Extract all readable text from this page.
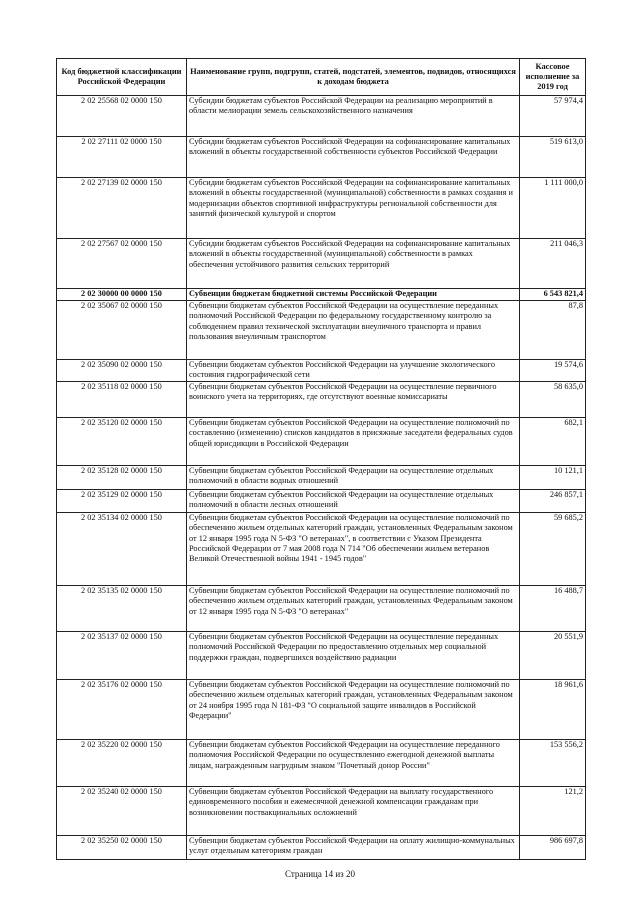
Код бюджетной классификации Российской Федерации	Наименование групп, подгрупп, статей, подстатей, элементов, подвидов, относящихся к доходам бюджета	Кассовое исполнение за 2019 год
2 02 25568 02 0000 150	Субсидии бюджетам субъектов Российской Федерации на реализацию мероприятий в области мелиорации земель сельскохозяйственного назначения	57 974,4
2 02 27111 02 0000 150	Субсидии бюджетам субъектов Российской Федерации на софинансирование капитальных вложений в объекты государственной собственности субъектов Российской Федерации	519 613,0
2 02 27139 02 0000 150	Субсидии бюджетам субъектов Российской Федерации на софинансирование капитальных вложений в объекты государственной (муниципальной) собственности в рамках создания и модернизации объектов спортивной инфраструктуры региональной собственности для занятий физической культурой и спортом	1 111 000,0
2 02 27567 02 0000 150	Субсидии бюджетам субъектов Российской Федерации на софинансирование капитальных вложений в объекты государственной (муниципальной) собственности в рамках обеспечения устойчивого развития сельских территорий	211 046,3
2 02 30000 00 0000 150	Субвенции бюджетам бюджетной системы Российской Федерации	6 543 821,4
2 02 35067 02 0000 150	Субвенции бюджетам субъектов Российской Федерации на осуществление переданных полномочий Российской Федерации по федеральному государственному контролю за соблюдением правил технической эксплуатации внеуличного транспорта и правил пользования внеуличным транспортом	87,8
2 02 35090 02 0000 150	Субвенции бюджетам субъектов Российской Федерации на улучшение экологического состояния гидрографической сети	19 574,6
2 02 35118 02 0000 150	Субвенции бюджетам субъектов Российской Федерации на осуществление первичного воинского учета на территориях, где отсутствуют военные комиссариаты	58 635,0
2 02 35120 02 0000 150	Субвенции бюджетам субъектов Российской Федерации на осуществление полномочий по составлению (изменению) списков кандидатов в присяжные заседатели федеральных судов общей юрисдикции в Российской Федерации	682,1
2 02 35128 02 0000 150	Субвенции бюджетам субъектов Российской Федерации на осуществление отдельных полномочий в области водных отношений	10 121,1
2 02 35129 02 0000 150	Субвенции бюджетам субъектов Российской Федерации на осуществление отдельных полномочий в области лесных отношений	246 857,1
2 02 35134 02 0000 150	Субвенции бюджетам субъектов Российской Федерации на осуществление полномочий по обеспечению жильем отдельных категорий граждан, установленных Федеральным законом от 12 января 1995 года N 5-ФЗ "О ветеранах", в соответствии с Указом Президента Российской Федерации от 7 мая 2008 года N 714 "Об обеспечении жильем ветеранов Великой Отечественной войны 1941 - 1945 годов"	59 685,2
2 02 35135 02 0000 150	Субвенции бюджетам субъектов Российской Федерации на осуществление полномочий по обеспечению жильем отдельных категорий граждан, установленных Федеральным законом от 12 января 1995 года N 5-ФЗ "О ветеранах"	16 488,7
2 02 35137 02 0000 150	Субвенции бюджетам субъектов Российской Федерации на осуществление переданных полномочий Российской Федерации по предоставлению отдельных мер социальной поддержки граждан, подвергшихся воздействию радиации	20 551,9
2 02 35176 02 0000 150	Субвенции бюджетам субъектов Российской Федерации на осуществление полномочий по обеспечению жильем отдельных категорий граждан, установленных Федеральным законом от 24 ноября 1995 года N 181-ФЗ "О социальной защите инвалидов в Российской Федерации"	18 961,6
2 02 35220 02 0000 150	Субвенции бюджетам субъектов Российской Федерации на осуществление переданного полномочия Российской Федерации по осуществлению ежегодной денежной выплаты лицам, награжденным нагрудным знаком "Почетный донор России"	153 556,2
2 02 35240 02 0000 150	Субвенции бюджетам субъектов Российской Федерации на выплату государственного единовременного пособия и ежемесячной денежной компенсации гражданам при возникновении поствакцинальных осложнений	121,2
2 02 35250 02 0000 150	Субвенции бюджетам субъектов Российской Федерации на оплату жилищно-коммунальных услуг отдельным категориям граждан	986 697,8
Страница 14 из 20
